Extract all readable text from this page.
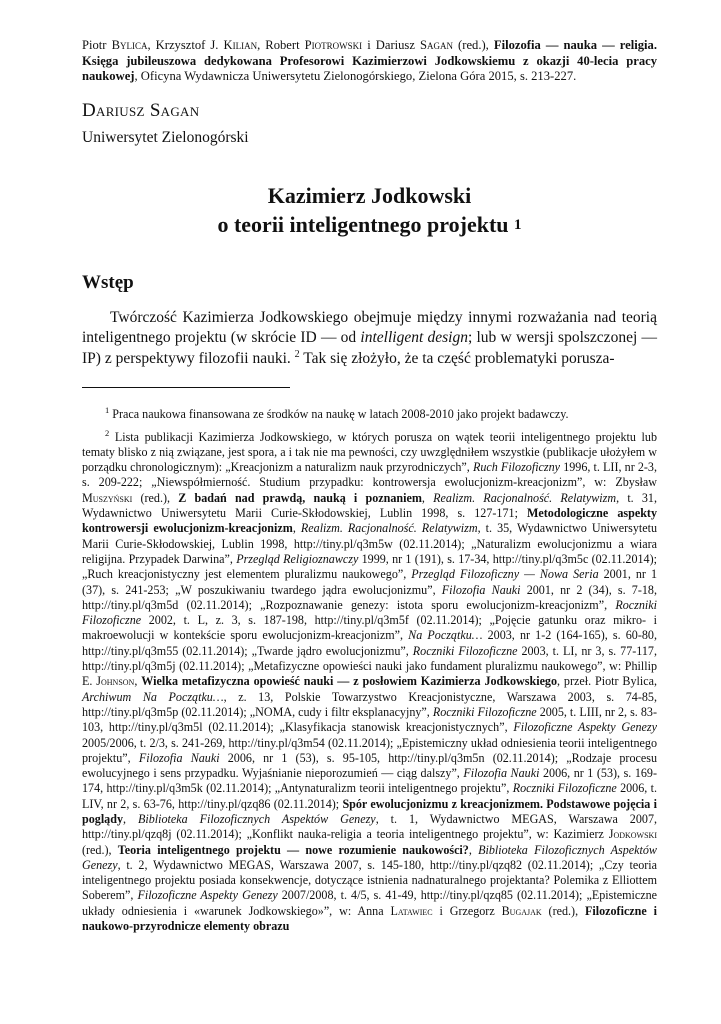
Piotr Bylica, Krzysztof J. Kilian, Robert Piotrowski i Dariusz Sagan (red.), Filozofia — nauka — religia. Księga jubileuszowa dedykowana Profesorowi Kazimierzowi Jodkowskiemu z okazji 40-lecia pracy naukowej, Oficyna Wydawnicza Uniwersytetu Zielonogórskiego, Zielona Góra 2015, s. 213-227.
Dariusz Sagan
Uniwersytet Zielonogórski
Kazimierz Jodkowski
o teorii inteligentnego projektu $^1$
Wstęp

Twórczość Kazimierza Jodkowskiego obejmuje między innymi rozważania nad teorią inteligentnego projektu (w skrócie ID — od intelligent design; lub w wersji spolszczonej — IP) z perspektywy filozofii nauki. $^2$ Tak się złożyło, że ta część problematyki porusza-

$^1$ Praca naukowa finansowana ze środków na naukę w latach 2008-2010 jako projekt badawczy.

$^2$ Lista publikacji Kazimierza Jodkowskiego, w których porusza on wątek teorii inteligentnego projektu lub tematy blisko z nią związane, jest spora, a i tak nie ma pewności, czy uwzględniłem wszystkie (publikacje ułożyłem w porządku chronologicznym): „Kreacjonizm a naturalizm nauk przyrodniczych”, Ruch Filozoficzny 1996, t. LII, nr 2-3, s. 209-222; „Niewspółmierność. Studium przypadku: kontrowersja ewolucjonizm-kreacjonizm”, w: Zbysław Muszyński (red.), Z badań nad prawdą, nauką i poznaniem, Realizm. Racjonalność. Relatywizm, t. 31, Wydawnictwo Uniwersytetu Marii Curie-Skłodowskiej, Lublin 1998, s. 127-171; Metodologiczne aspekty kontrowersji ewolucjonizm-kreacjonizm, Realizm. Racjonalność. Relatywizm, t. 35, Wydawnictwo Uniwersytetu Marii Curie-Skłodowskiej, Lublin 1998, http://tiny.pl/q3m5w (02.11.2014); „Naturalizm ewolucjonizmu a wiara religijna. Przypadek Darwina”, Przegląd Religioznawczy 1999, nr 1 (191), s. 17-34, http://tiny.pl/q3m5c (02.11.2014); „Ruch kreacjonistyczny jest elementem pluralizmu naukowego”, Przegląd Filozoficzny — Nowa Seria 2001, nr 1 (37), s. 241-253; „W poszukiwaniu twardego jądra ewolucjonizmu”, Filozofia Nauki 2001, nr 2 (34), s. 7-18, http://tiny.pl/q3m5d (02.11.2014); „Rozpoznawanie genezy: istota sporu ewolucjonizm-kreacjonizm”, Roczniki Filozoficzne 2002, t. L, z. 3, s. 187-198, http://tiny.pl/q3m5f (02.11.2014); „Pojęcie gatunku oraz mikro- i makroewolucji w kontekście sporu ewolucjonizm-kreacjonizm”, Na Początku… 2003, nr 1-2 (164-165), s. 60-80, http://tiny.pl/q3m55 (02.11.2014); „Twarde jądro ewolucjonizmu”, Roczniki Filozoficzne 2003, t. LI, nr 3, s. 77-117, http://tiny.pl/q3m5j (02.11.2014); „Metafizyczne opowieści nauki jako fundament pluralizmu naukowego”, w: Phillip E. Johnson, Wielka metafizyczna opowieść nauki — z posłowiem Kazimierza Jodkowskiego, przeł. Piotr Bylica, Archiwum Na Początku…, z. 13, Polskie Towarzystwo Kreacjonistyczne, Warszawa 2003, s. 74-85, http://tiny.pl/q3m5p (02.11.2014); „NOMA, cudy i filtr eksplanacyjny”, Roczniki Filozoficzne 2005, t. LIII, nr 2, s. 83-103, http://tiny.pl/q3m5l (02.11.2014); „Klasyfikacja stanowisk kreacjonistycznych”, Filozoficzne Aspekty Genezy 2005/2006, t. 2/3, s. 241-269, http://tiny.pl/q3m54 (02.11.2014); „Epistemiczny układ odniesienia teorii inteligentnego projektu”, Filozofia Nauki 2006, nr 1 (53), s. 95-105, http://tiny.pl/q3m5n (02.11.2014); „Rodzaje procesu ewolucyjnego i sens przypadku. Wyjaśnianie nieporozumień — ciąg dalszy”, Filozofia Nauki 2006, nr 1 (53), s. 169-174, http://tiny.pl/q3m5k (02.11.2014); „Antynaturalizm teorii inteligentnego projektu”, Roczniki Filozoficzne 2006, t. LIV, nr 2, s. 63-76, http://tiny.pl/qzq86 (02.11.2014); Spór ewolucjonizmu z kreacjonizmem. Podstawowe pojęcia i poglądy, Biblioteka Filozoficznych Aspektów Genezy, t. 1, Wydawnictwo MEGAS, Warszawa 2007, http://tiny.pl/qzq8j (02.11.2014); „Konflikt nauka-religia a teoria inteligentnego projektu”, w: Kazimierz Jodkowski (red.), Teoria inteligentnego projektu — nowe rozumienie naukowości?, Biblioteka Filozoficznych Aspektów Genezy, t. 2, Wydawnictwo MEGAS, Warszawa 2007, s. 145-180, http://tiny.pl/qzq82 (02.11.2014); „Czy teoria inteligentnego projektu posiada konsekwencje, dotyczące istnienia nadnaturalnego projektanta? Polemika z Elliottem Soberem”, Filozoficzne Aspekty Genezy 2007/2008, t. 4/5, s. 41-49, http://tiny.pl/qzq85 (02.11.2014); „Epistemiczne układy odniesienia i «warunek Jodkowskiego»”, w: Anna Latawiec i Grzegorz Bugajak (red.), Filozoficzne i naukowo-przyrodnicze elementy obrazu
